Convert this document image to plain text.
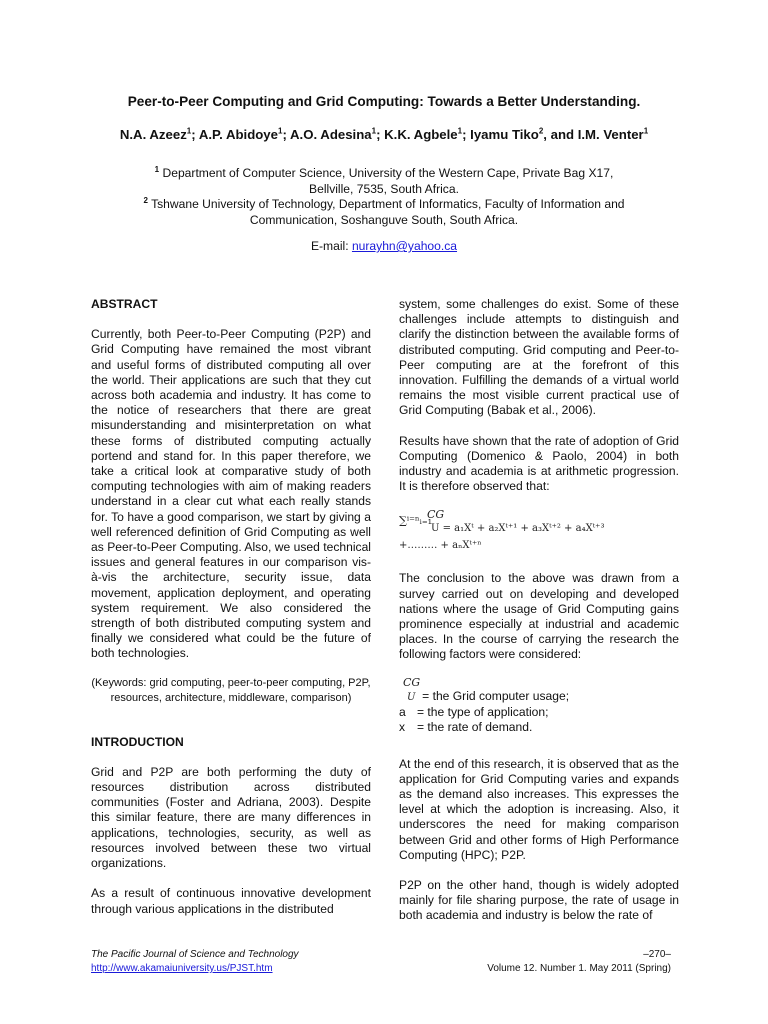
Peer-to-Peer Computing and Grid Computing: Towards a Better Understanding.
N.A. Azeez$^1$; A.P. Abidoye$^1$; A.O. Adesina$^1$; K.K. Agbele$^1$; Iyamu Tiko$^2$, and I.M. Venter$^1$
$^1$ Department of Computer Science, University of the Western Cape, Private Bag X17,
Bellville, 7535, South Africa.
$^2$ Tshwane University of Technology, Department of Informatics, Faculty of Information and
Communication, Soshanguve South, South Africa.
E-mail: nurayhn@yahoo.ca

ABSTRACT

Currently, both Peer-to-Peer Computing (P2P) and Grid Computing have remained the most vibrant and useful forms of distributed computing all over the world. Their applications are such that they cut across both academia and industry. It has come to the notice of researchers that there are great misunderstanding and misinterpretation on what these forms of distributed computing actually portend and stand for. In this paper therefore, we take a critical look at comparative study of both computing technologies with aim of making readers understand in a clear cut what each really stands for. To have a good comparison, we start by giving a well referenced definition of Grid Computing as well as Peer-to-Peer Computing. Also, we used technical issues and general features in our comparison vis-à-vis the architecture, security issue, data movement, application deployment, and operating system requirement. We also considered the strength of both distributed computing system and finally we considered what could be the future of both technologies.

(Keywords: grid computing, peer-to-peer computing, P2P, resources, architecture, middleware, comparison)

INTRODUCTION

Grid and P2P are both performing the duty of resources distribution across distributed communities (Foster and Adriana, 2003). Despite this similar feature, there are many differences in applications, technologies, security, as well as resources involved between these two virtual organizations.

As a result of continuous innovative development through various applications in the distributed

system, some challenges do exist. Some of these challenges include attempts to distinguish and clarify the distinction between the available forms of distributed computing. Grid computing and Peer-to-Peer computing are at the forefront of this innovation. Fulfilling the demands of a virtual world remains the most visible current practical use of Grid Computing (Babak et al., 2006).

Results have shown that the rate of adoption of Grid Computing (Domenico & Paolo, 2004) in both industry and academia is at arithmetic progression. It is therefore observed that:

∑ⁱ⁼ⁿᵢ₌₁
CG
U = a₁Xᵗ + a₂Xᵗ⁺¹ + a₃Xᵗ⁺² + a₄Xᵗ⁺³
+……… + aₙXᵗ⁺ⁿ

The conclusion to the above was drawn from a survey carried out on developing and developed nations where the usage of Grid Computing gains prominence especially at industrial and academic places. In the course of carrying the research the following factors were considered:

CG
U = the Grid computer usage;
a = the type of application;
x = the rate of demand.

At the end of this research, it is observed that as the application for Grid Computing varies and expands as the demand also increases. This expresses the level at which the adoption is increasing. Also, it underscores the need for making comparison between Grid and other forms of High Performance Computing (HPC); P2P.

P2P on the other hand, though is widely adopted mainly for file sharing purpose, the rate of usage in both academia and industry is below the rate of

The Pacific Journal of Science and Technology
http://www.akamaiuniversity.us/PJST.htm
–270–
Volume 12. Number 1. May 2011 (Spring)
